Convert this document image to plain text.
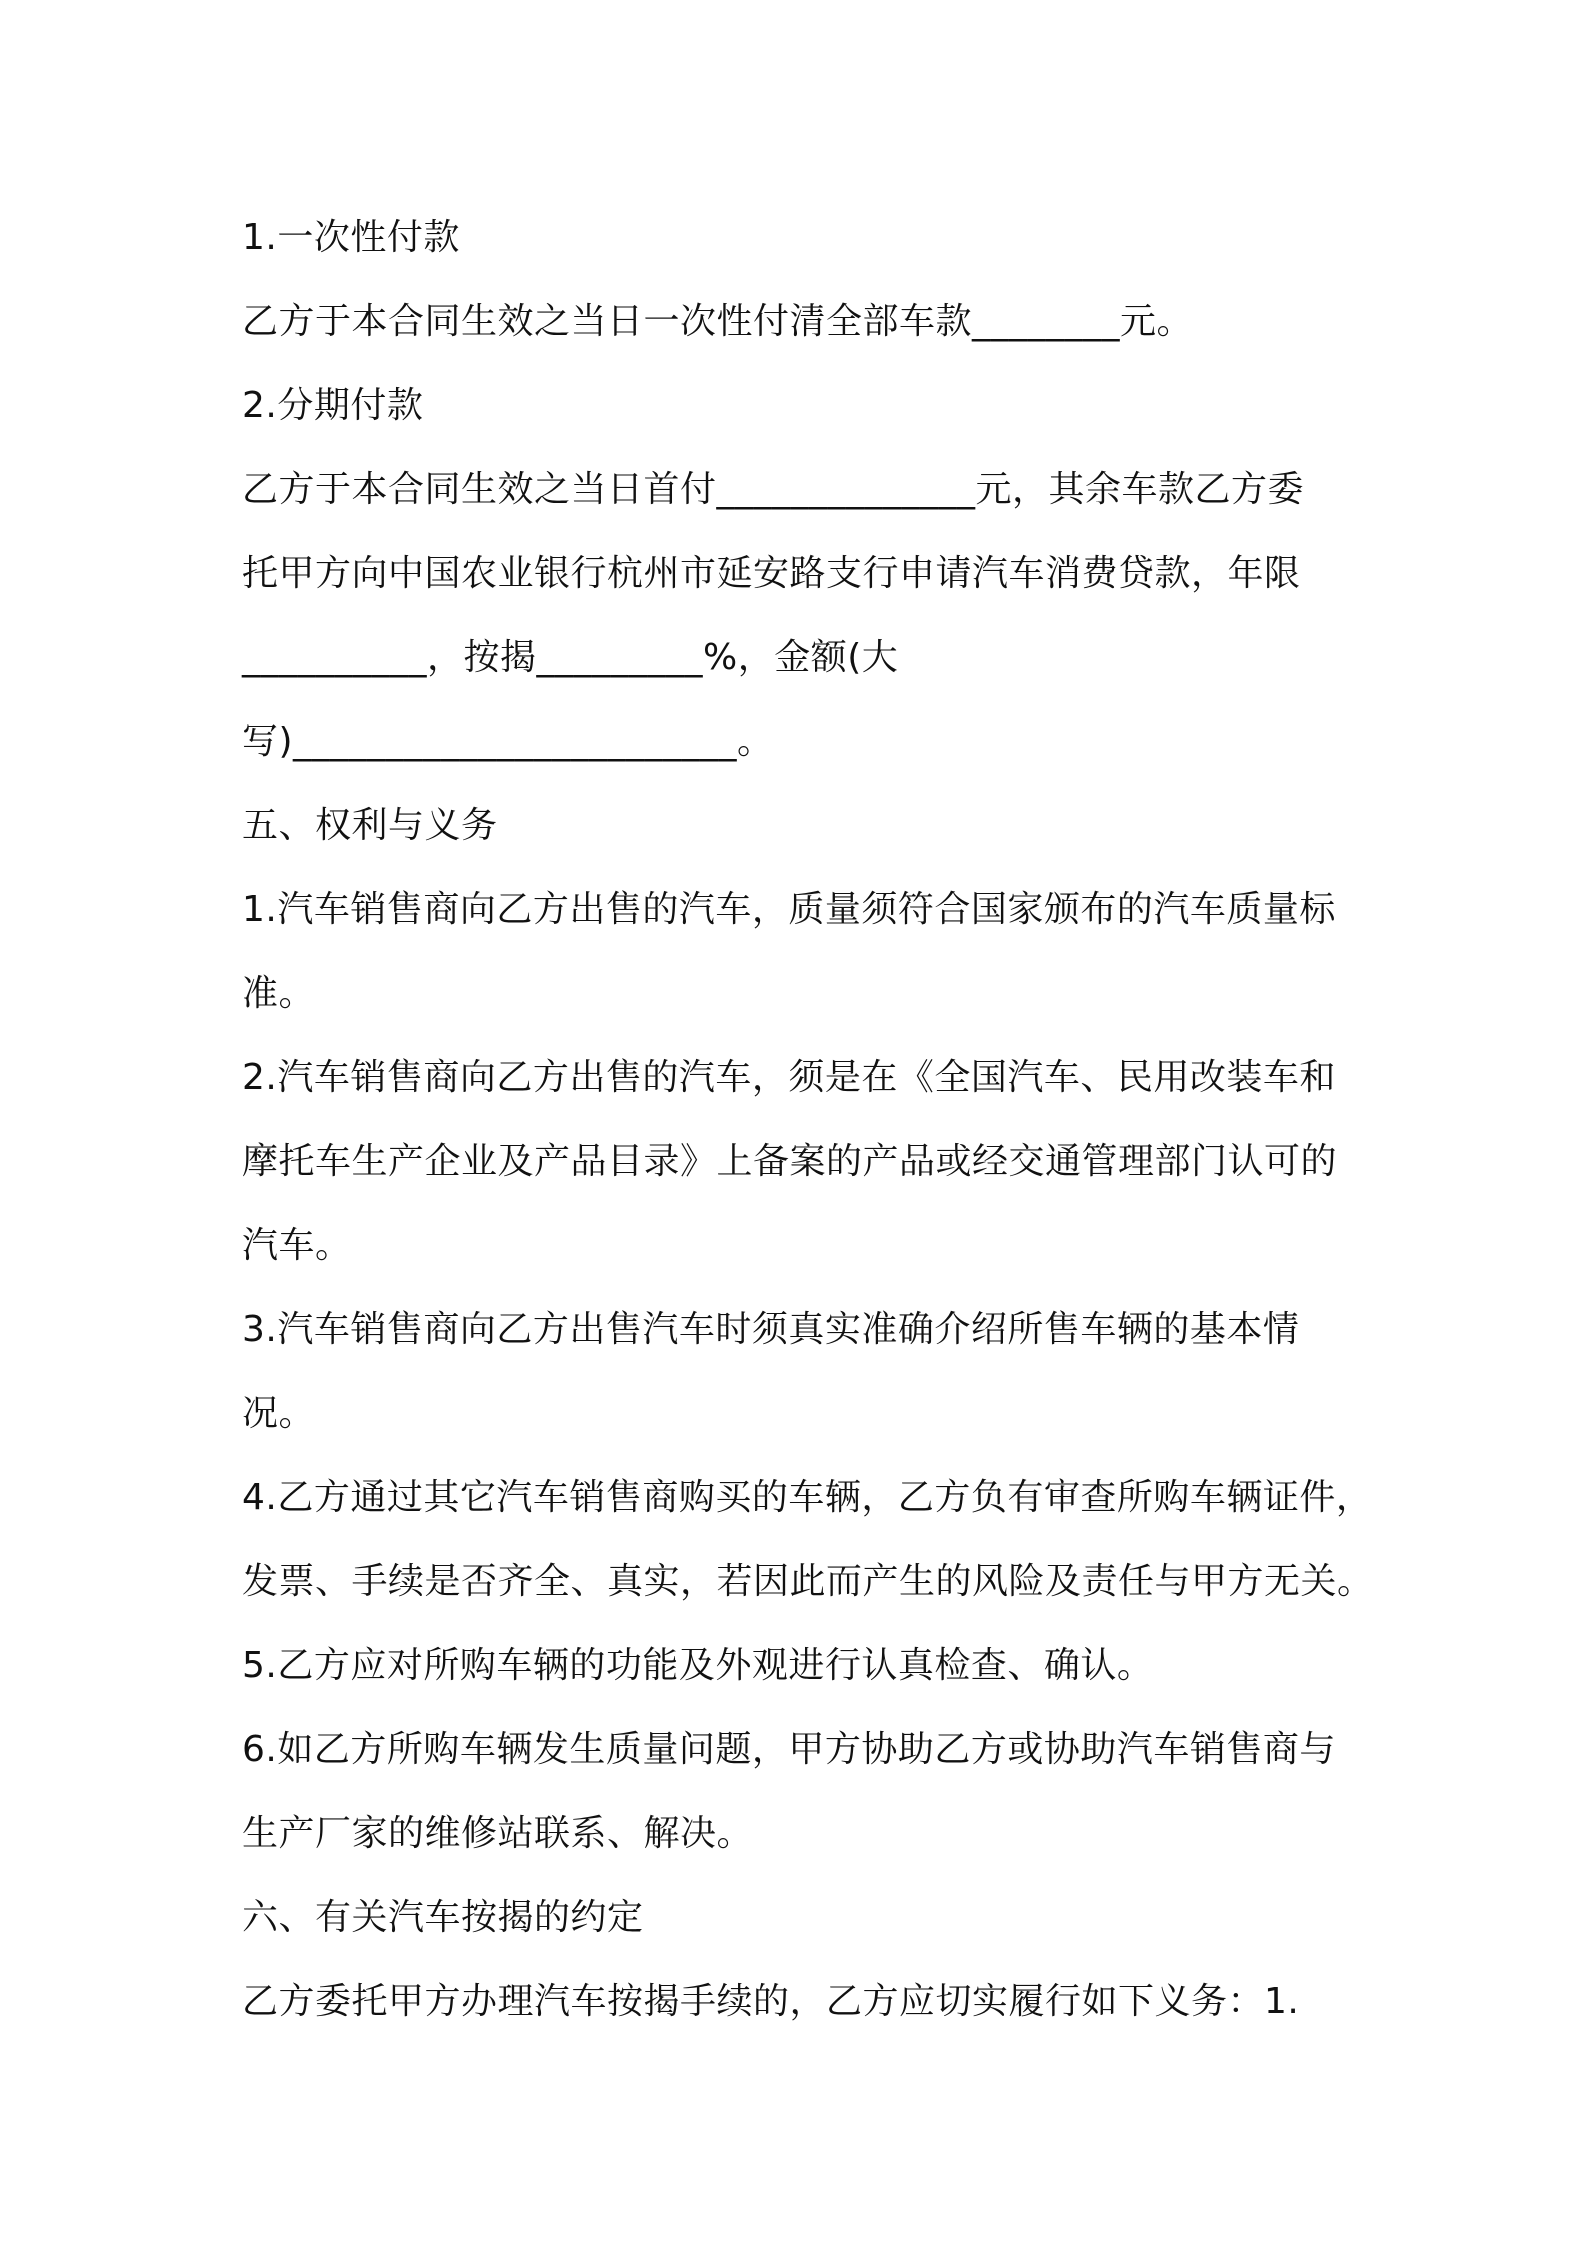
1.一次性付款
乙方于本合同生效之当日一次性付清全部车款________元。
2.分期付款
乙方于本合同生效之当日首付______________元，其余车款乙方委
托甲方向中国农业银行杭州市延安路支行申请汽车消费贷款，年限
__________，按揭_________%，金额(大
写)________________________。
五、权利与义务
1.汽车销售商向乙方出售的汽车，质量须符合国家颁布的汽车质量标
准。
2.汽车销售商向乙方出售的汽车，须是在《全国汽车、民用改装车和
摩托车生产企业及产品目录》上备案的产品或经交通管理部门认可的
汽车。
3.汽车销售商向乙方出售汽车时须真实准确介绍所售车辆的基本情
况。
4.乙方通过其它汽车销售商购买的车辆，乙方负有审查所购车辆证件，
发票、手续是否齐全、真实，若因此而产生的风险及责任与甲方无关。
5.乙方应对所购车辆的功能及外观进行认真检查、确认。
6.如乙方所购车辆发生质量问题，甲方协助乙方或协助汽车销售商与
生产厂家的维修站联系、解决。
六、有关汽车按揭的约定
乙方委托甲方办理汽车按揭手续的，乙方应切实履行如下义务：1.
